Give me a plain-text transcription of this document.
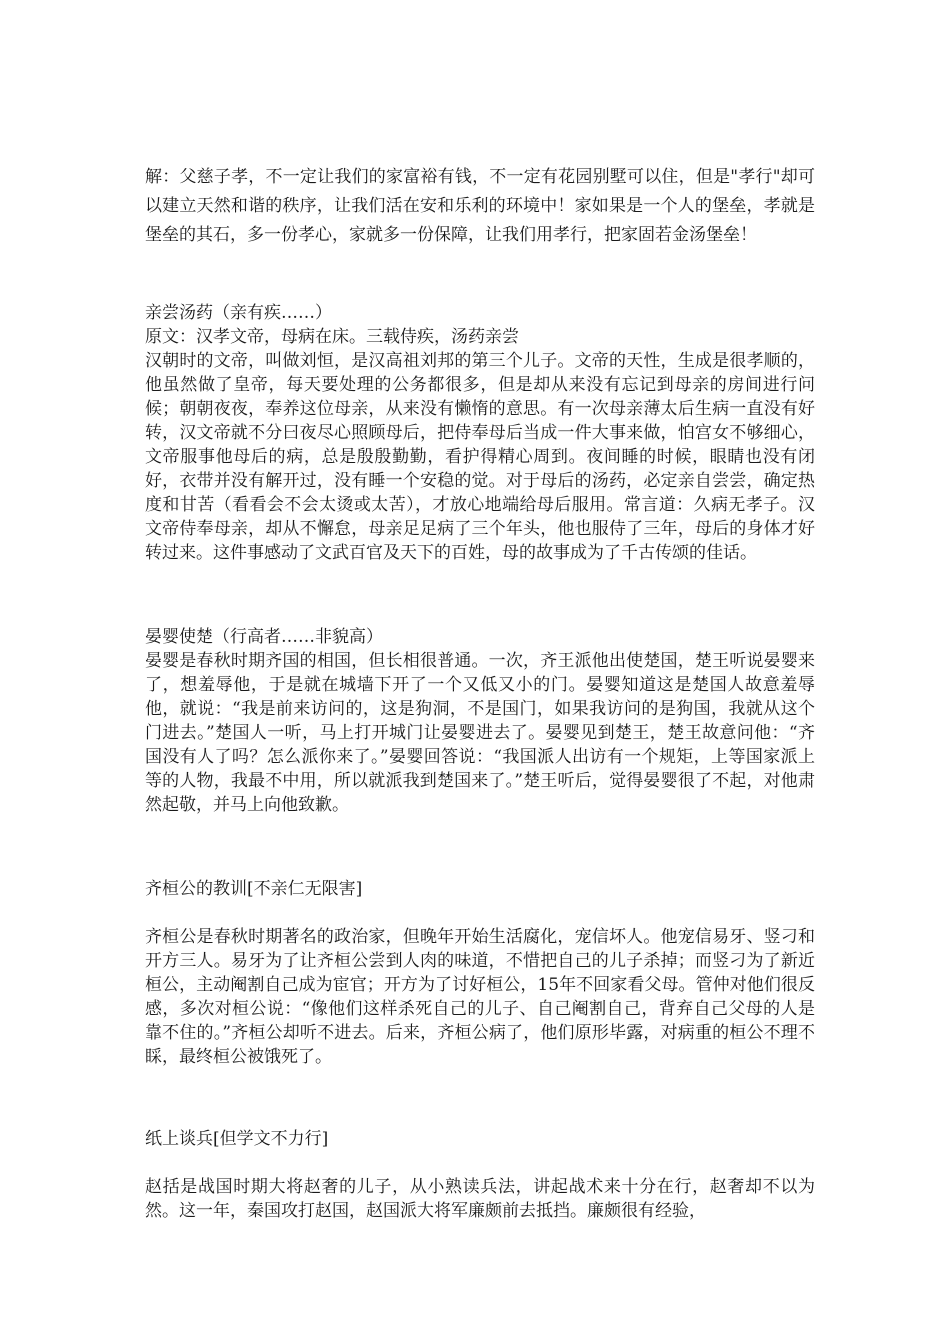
解：父慈子孝，不一定让我们的家富裕有钱，不一定有花园别墅可以住，但是"孝行"却可以建立天然和谐的秩序，让我们活在安和乐利的环境中！家如果是一个人的堡垒，孝就是堡垒的其石，多一份孝心，家就多一份保障，让我们用孝行，把家固若金汤堡垒！

亲尝汤药（亲有疾……）
原文：汉孝文帝，母病在床。三载侍疾，汤药亲尝

汉朝时的文帝，叫做刘恒，是汉高祖刘邦的第三个儿子。文帝的天性，生成是很孝顺的，他虽然做了皇帝，每天要处理的公务都很多，但是却从来没有忘记到母亲的房间进行问候；朝朝夜夜，奉养这位母亲，从来没有懒惰的意思。有一次母亲薄太后生病一直没有好转，汉文帝就不分曰夜尽心照顾母后，把侍奉母后当成一件大事来做，怕宫女不够细心，文帝服事他母后的病，总是殷殷勤勤，看护得精心周到。夜间睡的时候，眼睛也没有闭好，衣带并没有解开过，没有睡一个安稳的觉。对于母后的汤药，必定亲自尝尝，确定热度和甘苦（看看会不会太烫或太苦），才放心地端给母后服用。常言道：久病无孝子。汉文帝侍奉母亲，却从不懈怠，母亲足足病了三个年头，他也服侍了三年，母后的身体才好转过来。这件事感动了文武百官及天下的百姓，母的故事成为了千古传颂的佳话。

晏婴使楚（行高者……非貌高）

晏婴是春秋时期齐国的相国，但长相很普通。一次，齐王派他出使楚国，楚王听说晏婴来了，想羞辱他，于是就在城墙下开了一个又低又小的门。晏婴知道这是楚国人故意羞辱他，就说：“我是前来访问的，这是狗洞，不是国门，如果我访问的是狗国，我就从这个门进去。”楚国人一听，马上打开城门让晏婴进去了。晏婴见到楚王，楚王故意问他：“齐国没有人了吗？怎么派你来了。”晏婴回答说：“我国派人出访有一个规矩，上等国家派上等的人物，我最不中用，所以就派我到楚国来了。”楚王听后，觉得晏婴很了不起，对他肃然起敬，并马上向他致歉。

齐桓公的教训[不亲仁无限害]

齐桓公是春秋时期著名的政治家，但晚年开始生活腐化，宠信坏人。他宠信易牙、竖刁和开方三人。易牙为了让齐桓公尝到人肉的味道，不惜把自己的儿子杀掉；而竖刁为了新近桓公，主动阉割自己成为宦官；开方为了讨好桓公，15年不回家看父母。管仲对他们很反感，多次对桓公说：“像他们这样杀死自己的儿子、自己阉割自己，背弃自己父母的人是靠不住的。”齐桓公却听不进去。后来，齐桓公病了，他们原形毕露，对病重的桓公不理不睬，最终桓公被饿死了。

纸上谈兵[但学文不力行]

赵括是战国时期大将赵奢的儿子，从小熟读兵法，讲起战术来十分在行，赵奢却不以为然。这一年，秦国攻打赵国，赵国派大将军廉颇前去抵挡。廉颇很有经验，
